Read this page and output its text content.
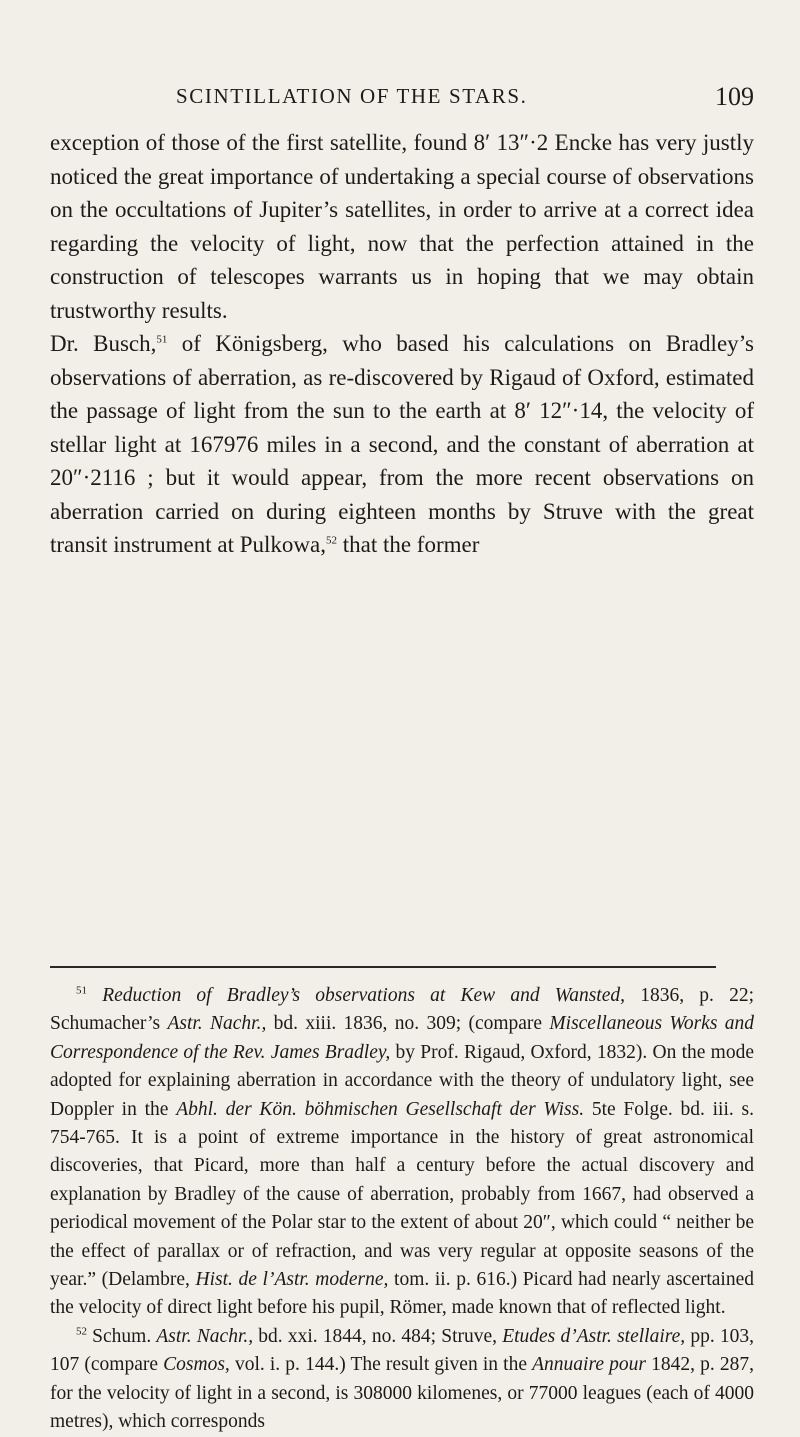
SCINTILLATION OF THE STARS.	109

exception of those of the first satellite, found 8′ 13″·2 Encke has very justly noticed the great importance of undertaking a special course of observations on the occultations of Jupiter’s satellites, in order to arrive at a correct idea regarding the velocity of light, now that the perfection attained in the construction of telescopes warrants us in hoping that we may obtain trustworthy results.

Dr. Busch,$^{51}$ of Königsberg, who based his calculations on Bradley’s observations of aberration, as re-discovered by Rigaud of Oxford, estimated the passage of light from the sun to the earth at 8′ 12″·14, the velocity of stellar light at 167976 miles in a second, and the constant of aberration at 20″·2116 ; but it would appear, from the more recent observations on aberration carried on during eighteen months by Struve with the great transit instrument at Pulkowa,$^{52}$ that the former

$^{51}$ Reduction of Bradley’s observations at Kew and Wansted, 1836, p. 22; Schumacher’s Astr. Nachr., bd. xiii. 1836, no. 309; (compare Miscellaneous Works and Correspondence of the Rev. James Bradley, by Prof. Rigaud, Oxford, 1832). On the mode adopted for explaining aberration in accordance with the theory of undulatory light, see Doppler in the Abhl. der Kön. böhmischen Gesellschaft der Wiss. 5te Folge. bd. iii. s. 754-765. It is a point of extreme importance in the history of great astronomical discoveries, that Picard, more than half a century before the actual discovery and explanation by Bradley of the cause of aberration, probably from 1667, had observed a periodical movement of the Polar star to the extent of about 20″, which could “ neither be the effect of parallax or of refraction, and was very regular at opposite seasons of the year.” (Delambre, Hist. de l’Astr. moderne, tom. ii. p. 616.) Picard had nearly ascertained the velocity of direct light before his pupil, Römer, made known that of reflected light.

$^{52}$ Schum. Astr. Nachr., bd. xxi. 1844, no. 484; Struve, Etudes d’Astr. stellaire, pp. 103, 107 (compare Cosmos, vol. i. p. 144.) The result given in the Annuaire pour 1842, p. 287, for the velocity of light in a second, is 308000 kilomenes, or 77000 leagues (each of 4000 metres), which corresponds
